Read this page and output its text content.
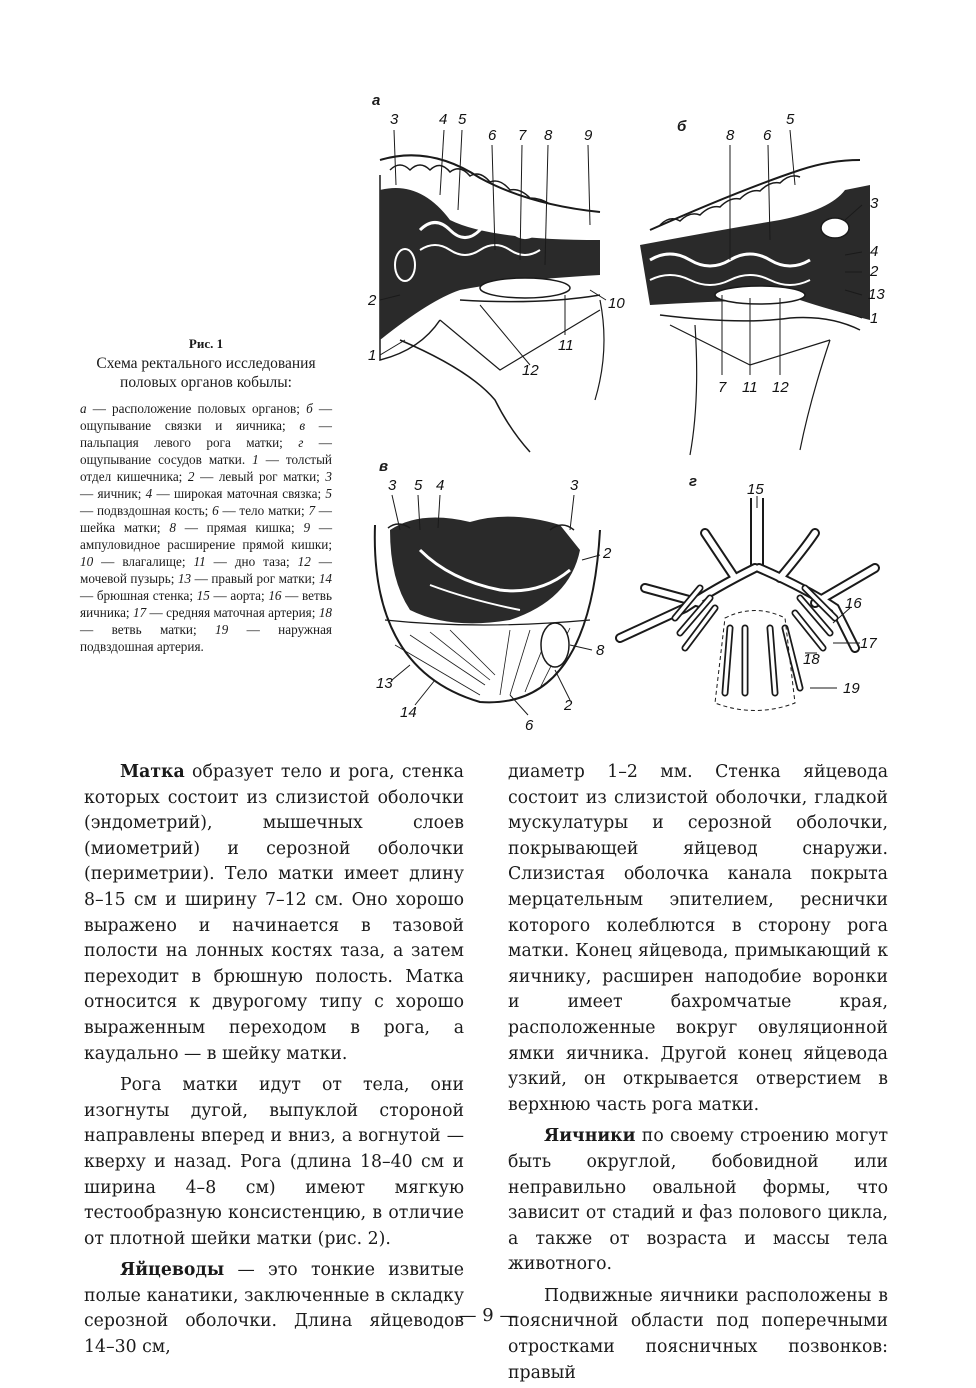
а
3	4 5
6 7 8 9
2
1
12
11
10
б
8 6
5
3
4
2
13
1
7 11 12
в
3 5 4	3
2
8
13
14
6
2
г	15
16
17
18
19
Рис. 1
Схема ректального исследования половых органов кобылы:
а — расположение половых органов; б — ощупывание связки и яичника; в — пальпация левого рога матки; г — ощупывание сосудов матки. 1 — толстый отдел кишечника; 2 — левый рог матки; 3 — яичник; 4 — широкая маточная связка; 5 — подвздошная кость; 6 — тело матки; 7 — шейка матки; 8 — прямая кишка; 9 — ампуловидное расширение прямой кишки; 10 — влагалище; 11 — дно таза; 12 — мочевой пузырь; 13 — правый рог матки; 14 — брюшная стенка; 15 — аорта; 16 — ветвь яичника; 17 — средняя маточная артерия; 18 — ветвь матки; 19 — наружная подвздошная артерия.

Матка образует тело и рога, стенка которых состоит из слизистой оболочки (эндометрий), мышечных слоев (миометрий) и серозной оболочки (периметрии). Тело матки имеет длину 8–15 см и ширину 7–12 см. Оно хорошо выражено и начинается в тазовой полости на лонных костях таза, а затем переходит в брюшную полость. Матка относится к двурогому типу с хорошо выраженным переходом в рога, а каудально — в шейку матки.

Рога матки идут от тела, они изогнуты дугой, выпуклой стороной направлены вперед и вниз, а вогнутой — кверху и назад. Рога (длина 18–40 см и ширина 4–8 см) имеют мягкую тестообразную консистенцию, в отличие от плотной шейки матки (рис. 2).

Яйцеводы — это тонкие извитые полые канатики, заключенные в складку серозной оболочки. Длина яйцеводов 14–30 см,

диаметр 1–2 мм. Стенка яйцевода состоит из слизистой оболочки, гладкой мускулатуры и серозной оболочки, покрывающей яйцевод снаружи. Слизистая оболочка канала покрыта мерцательным эпителием, реснички которого колеблются в сторону рога матки. Конец яйцевода, примыкающий к яичнику, расширен наподобие воронки и имеет бахромчатые края, расположенные вокруг овуляционной ямки яичника. Другой конец яйцевода узкий, он открывается отверстием в верхнюю часть рога матки.

Яичники по своему строению могут быть округлой, бобовидной или неправильно овальной формы, что зависит от стадий и фаз полового цикла, а также от возраста и массы тела животного.

Подвижные яичники расположены в поясничной области под поперечными отростками поясничных позвонков: правый

— 9 —
